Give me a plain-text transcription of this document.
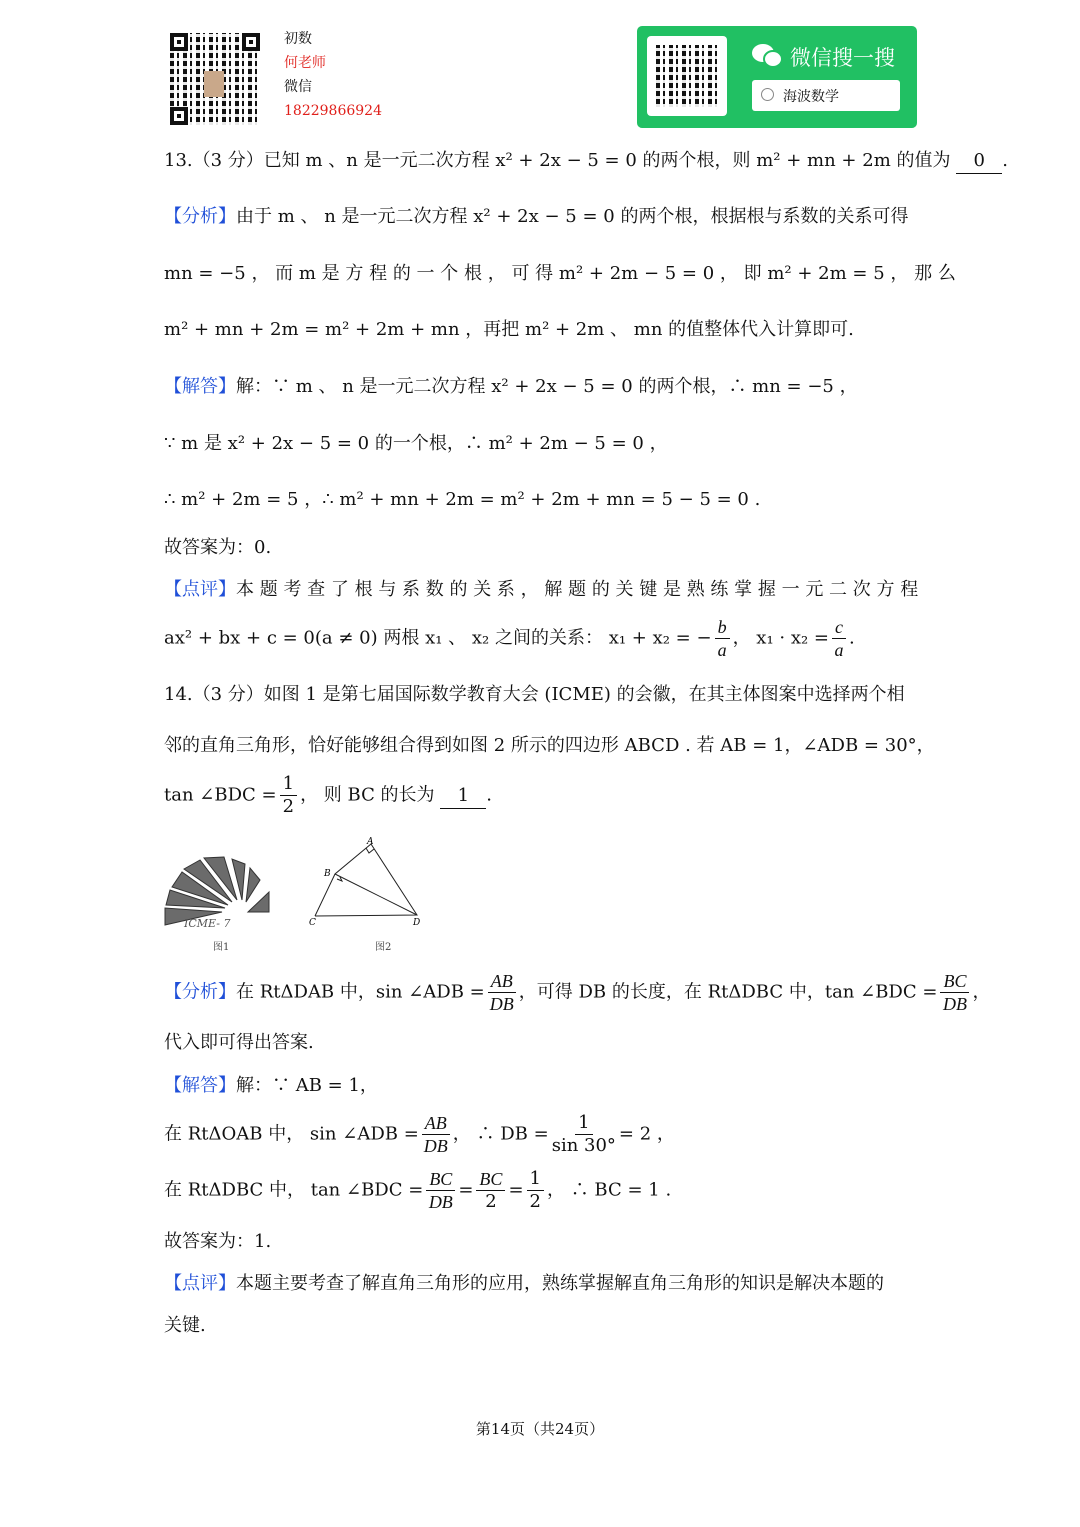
初数
何老师
微信
18229866924
微信搜一搜
海波数学
13.（3 分）已知 m 、n 是一元二次方程 x² + 2x − 5 = 0 的两个根，则 m² + mn + 2m 的值为 0 .
【分析】由于 m 、 n 是一元二次方程 x² + 2x − 5 = 0 的两个根，根据根与系数的关系可得
mn = −5 ， 而 m 是 方 程 的 一 个 根 ， 可 得 m² + 2m − 5 = 0 ， 即 m² + 2m = 5 ， 那 么
m² + mn + 2m = m² + 2m + mn ，再把 m² + 2m 、 mn 的值整体代入计算即可.
【解答】解：∵ m 、 n 是一元二次方程 x² + 2x − 5 = 0 的两个根，∴ mn = −5 ，
∵ m 是 x² + 2x − 5 = 0 的一个根，∴ m² + 2m − 5 = 0 ，
∴ m² + 2m = 5 ，∴ m² + mn + 2m = m² + 2m + mn = 5 − 5 = 0 .
故答案为：0.
【点评】本 题 考 查 了 根 与 系 数 的 关 系 ， 解 题 的 关 键 是 熟 练 掌 握 一 元 二 次 方 程
ax² + bx + c = 0(a ≠ 0) 两根 x₁ 、 x₂ 之间的关系： x₁ + x₂ = − $\frac{b}{a}$ ， $x_1 \cdot x_2 = \frac{c}{a}$ .
14.（3 分）如图 1 是第七届国际数学教育大会 (ICME) 的会徽，在其主体图案中选择两个相
邻的直角三角形，恰好能够组合得到如图 2 所示的四边形 ABCD . 若 AB = 1，∠ADB = 30°，
tan ∠BDC = $\frac{1}{2}$ ， 则 BC 的长为 1 .
ICME- 7
图1
A
B
C	D
图2
【分析】在 RtΔDAB 中，sin ∠ADB = $\frac{AB}{DB}$ ，可得 DB 的长度，在 RtΔDBC 中，tan ∠BDC = $\frac{BC}{DB}$ ，
代入即可得出答案.
【解答】解：∵ AB = 1，
在 RtΔOAB 中， sin ∠ADB = $\frac{AB}{DB}$ ， ∴ DB = $\frac{1}{\sin 30^\circ} = 2$ ，
在 RtΔDBC 中， tan ∠BDC = $\frac{BC}{DB} = \frac{BC}{2} = \frac{1}{2}$ ， ∴ BC = 1 .
故答案为：1.
【点评】本题主要考查了解直角三角形的应用，熟练掌握解直角三角形的知识是解决本题的
关键.
第14页（共24页）
